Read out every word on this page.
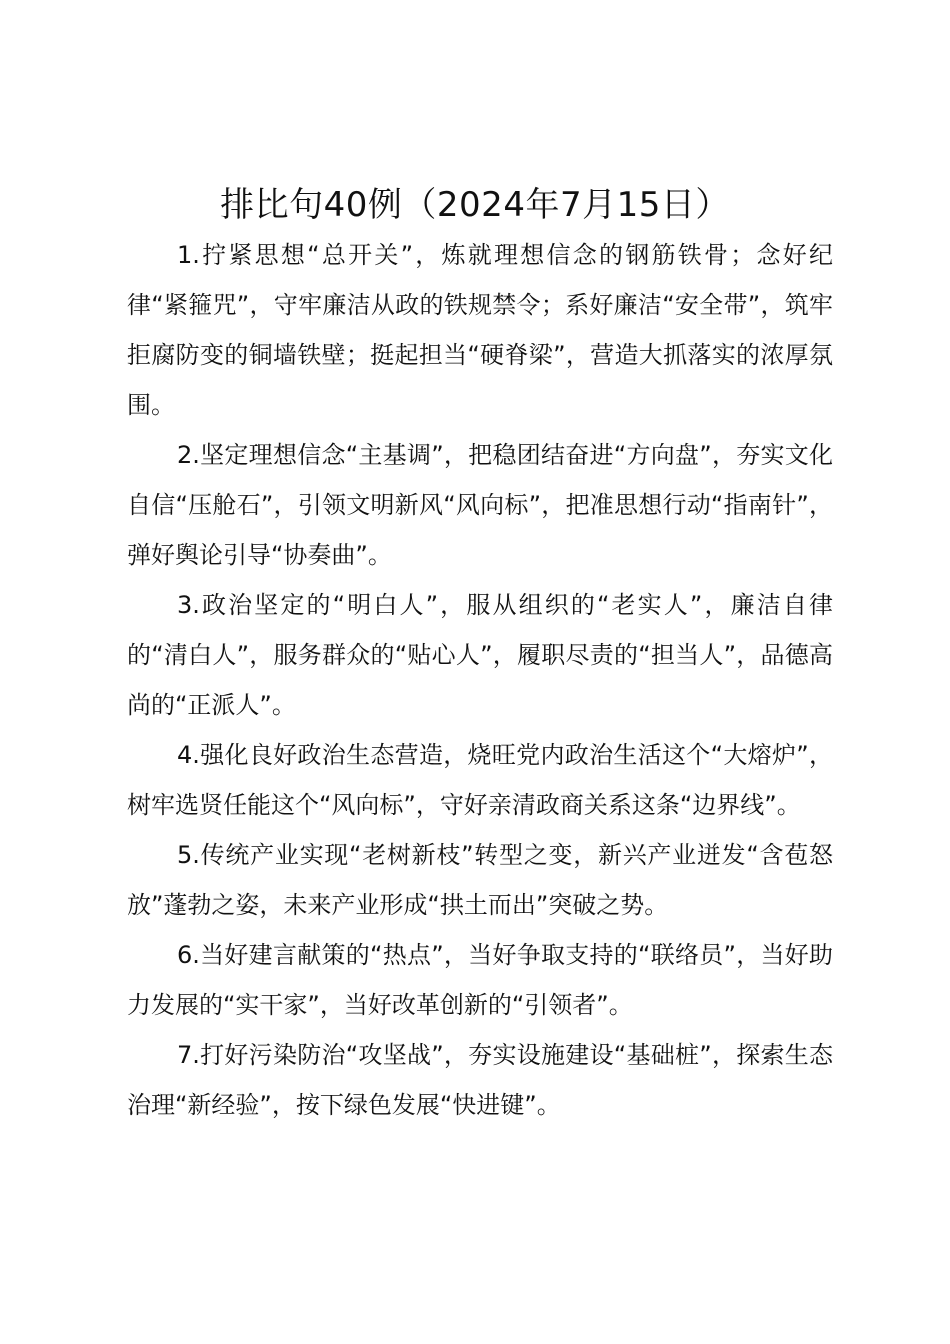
排比句40例（2024年7月15日）

1.拧紧思想“总开关”，炼就理想信念的钢筋铁骨；念好纪律“紧箍咒”，守牢廉洁从政的铁规禁令；系好廉洁“安全带”，筑牢拒腐防变的铜墙铁壁；挺起担当“硬脊梁”，营造大抓落实的浓厚氛围。

2.坚定理想信念“主基调”，把稳团结奋进“方向盘”，夯实文化自信“压舱石”，引领文明新风“风向标”，把准思想行动“指南针”，弹好舆论引导“协奏曲”。

3.政治坚定的“明白人”，服从组织的“老实人”，廉洁自律的“清白人”，服务群众的“贴心人”，履职尽责的“担当人”，品德高尚的“正派人”。

4.强化良好政治生态营造，烧旺党内政治生活这个“大熔炉”，树牢选贤任能这个“风向标”，守好亲清政商关系这条“边界线”。

5.传统产业实现“老树新枝”转型之变，新兴产业迸发“含苞怒放”蓬勃之姿，未来产业形成“拱土而出”突破之势。

6.当好建言献策的“热点”，当好争取支持的“联络员”，当好助力发展的“实干家”，当好改革创新的“引领者”。

7.打好污染防治“攻坚战”，夯实设施建设“基础桩”，探索生态治理“新经验”，按下绿色发展“快进键”。
